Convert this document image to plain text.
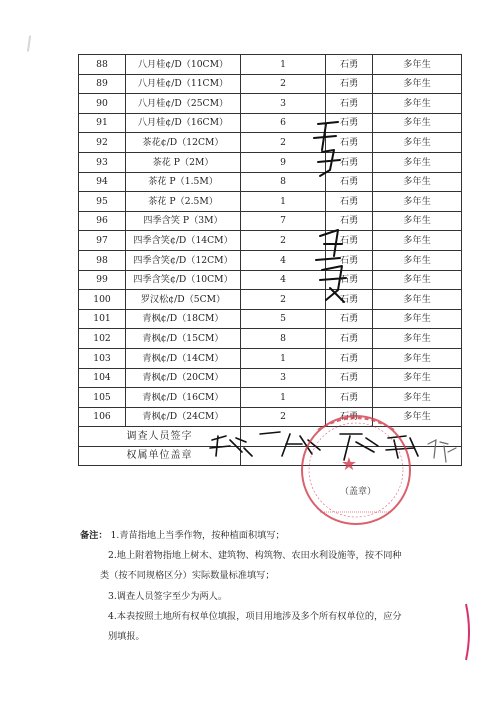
88	八月桂¢/D（10CM）	1	石勇	多年生
89	八月桂¢/D（11CM）	2	石勇	多年生
90	八月桂¢/D（25CM）	3	石勇	多年生
91	八月桂¢/D（16CM）	6	石勇	多年生
92	茶花¢/D（12CM）	2	石勇	多年生
93	茶花 P（2M）	9	石勇	多年生
94	茶花 P（1.5M）	8	石勇	多年生
95	茶花 P（2.5M）	1	石勇	多年生
96	四季含笑 P（3M）	7	石勇	多年生
97	四季含笑¢/D（14CM）	2	石勇	多年生
98	四季含笑¢/D（12CM）	4	石勇	多年生
99	四季含笑¢/D（10CM）	4	石勇	多年生
100	罗汉松¢/D（5CM）	2	石勇	多年生
101	青枫¢/D（18CM）	5	石勇	多年生
102	青枫¢/D（15CM）	8	石勇	多年生
103	青枫¢/D（14CM）	1	石勇	多年生
104	青枫¢/D（20CM）	3	石勇	多年生
105	青枫¢/D（16CM）	1	石勇	多年生
106	青枫¢/D（24CM）	2	石勇	多年生
调查人员签字				
权属单位盖章				
备注： 1.青苗指地上当季作物，按种植面积填写；
2.地上附着物指地上树木、建筑物、构筑物、农田水利设施等，按不同种
类（按不同规格区分）实际数量标准填写；
3.调查人员签字至少为两人。
4.本表按照土地所有权单位填报，项目用地涉及多个所有权单位的，应分
别填报。
★
（盖章）
